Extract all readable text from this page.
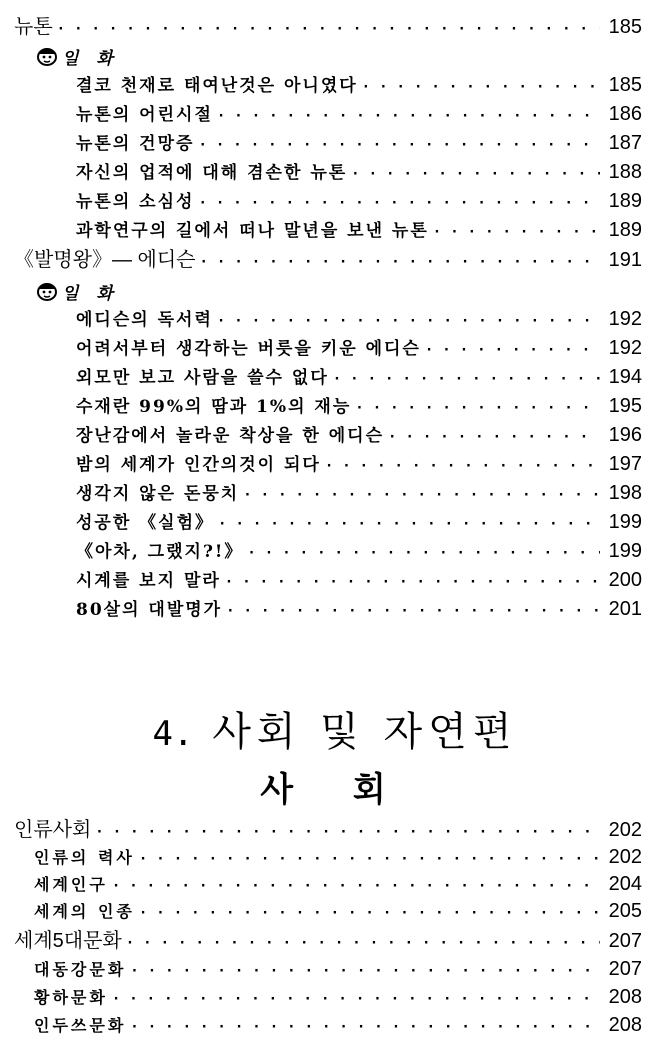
뉴톤 ·····	185
일 화
결코 천재로 태여난것은 아니였다 ·····	185
뉴톤의 어린시절 ·····	186
뉴톤의 건망증 ·····	187
자신의 업적에 대해 겸손한 뉴톤 ·····	188
뉴톤의 소심성 ·····	189
과학연구의 길에서 떠나 말년을 보낸 뉴톤 ·····	189
《발명왕》— 에디슨 ·····	191
일 화
에디슨의 독서력 ·····	192
어려서부터 생각하는 버릇을 키운 에디슨 ·····	192
외모만 보고 사람을 쓸수 없다 ·····	194
수재란 99%의 땀과 1%의 재능 ·····	195
장난감에서 놀라운 착상을 한 에디슨 ·····	196
밤의 세계가 인간의것이 되다 ·····	197
생각지 않은 돈뭉치 ·····	198
성공한 《실험》 ·····	199
《아차, 그랬지?!》 ·····	199
시계를 보지 말라 ·····	200
80살의 대발명가 ·····	201
4. 사회 및 자연편
사 회
인류사회 ·····	202
인류의 력사 ·····	202
세계인구 ·····	204
세계의 인종 ·····	205
세계5대문화 ·····	207
대동강문화 ·····	207
황하문화 ·····	208
인두쓰문화 ·····	208
